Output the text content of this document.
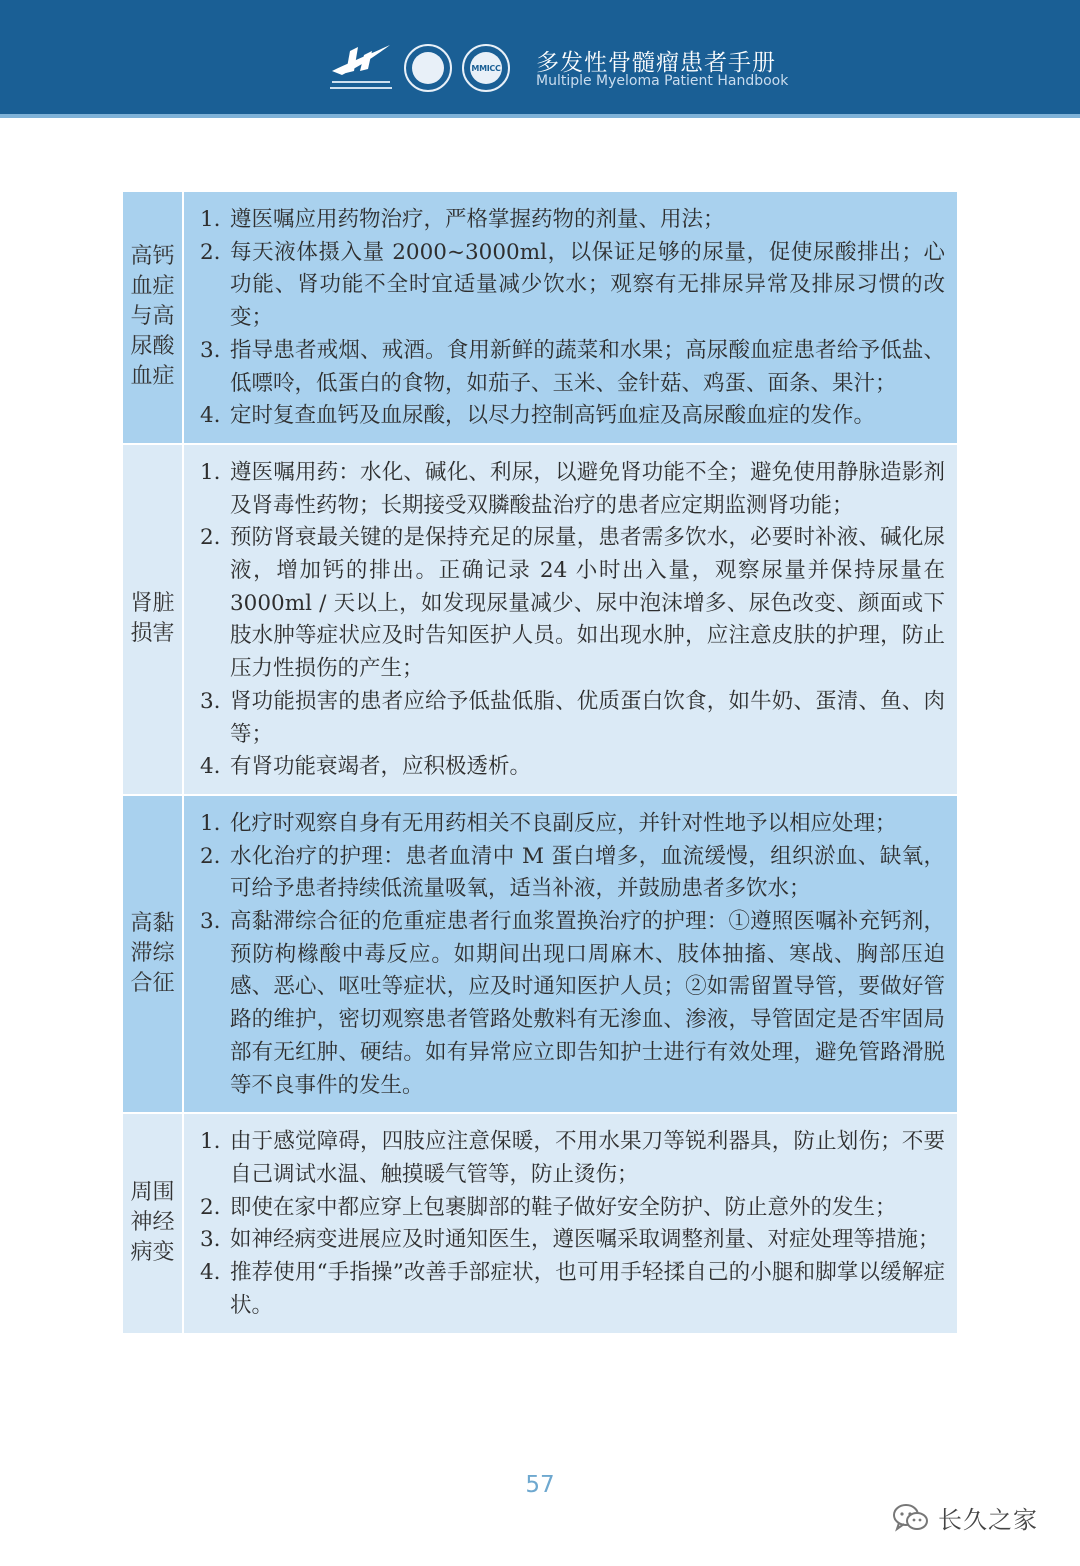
MMICC 多发性骨髓瘤患者手册
Multiple Myeloma Patient Handbook
高钙血症与高尿酸血症
1. 遵医嘱应用药物治疗，严格掌握药物的剂量、用法；
2. 每天液体摄入量 2000~3000ml，以保证足够的尿量，促使尿酸排出；心功能、肾功能不全时宜适量减少饮水；观察有无排尿异常及排尿习惯的改变；
3. 指导患者戒烟、戒酒。食用新鲜的蔬菜和水果；高尿酸血症患者给予低盐、低嘌呤，低蛋白的食物，如茄子、玉米、金针菇、鸡蛋、面条、果汁；
4. 定时复查血钙及血尿酸，以尽力控制高钙血症及高尿酸血症的发作。
肾脏损害
1. 遵医嘱用药：水化、碱化、利尿，以避免肾功能不全；避免使用静脉造影剂及肾毒性药物；长期接受双膦酸盐治疗的患者应定期监测肾功能；
2. 预防肾衰最关键的是保持充足的尿量，患者需多饮水，必要时补液、碱化尿液，增加钙的排出。正确记录 24 小时出入量，观察尿量并保持尿量在 3000ml / 天以上，如发现尿量减少、尿中泡沫增多、尿色改变、颜面或下肢水肿等症状应及时告知医护人员。如出现水肿，应注意皮肤的护理，防止压力性损伤的产生；
3. 肾功能损害的患者应给予低盐低脂、优质蛋白饮食，如牛奶、蛋清、鱼、肉等；
4. 有肾功能衰竭者，应积极透析。
高黏滞综合征
1. 化疗时观察自身有无用药相关不良副反应，并针对性地予以相应处理；
2. 水化治疗的护理：患者血清中 M 蛋白增多，血流缓慢，组织淤血、缺氧，可给予患者持续低流量吸氧，适当补液，并鼓励患者多饮水；
3. 高黏滞综合征的危重症患者行血浆置换治疗的护理：①遵照医嘱补充钙剂，预防枸橼酸中毒反应。如期间出现口周麻木、肢体抽搐、寒战、胸部压迫感、恶心、呕吐等症状，应及时通知医护人员；②如需留置导管，要做好管路的维护，密切观察患者管路处敷料有无渗血、渗液，导管固定是否牢固局部有无红肿、硬结。如有异常应立即告知护士进行有效处理，避免管路滑脱等不良事件的发生。
周围神经病变
1. 由于感觉障碍，四肢应注意保暖，不用水果刀等锐利器具，防止划伤；不要自己调试水温、触摸暖气管等，防止烫伤；
2. 即使在家中都应穿上包裹脚部的鞋子做好安全防护、防止意外的发生；
3. 如神经病变进展应及时通知医生，遵医嘱采取调整剂量、对症处理等措施；
4. 推荐使用“手指操”改善手部症状，也可用手轻揉自己的小腿和脚掌以缓解症状。
57
长久之家
